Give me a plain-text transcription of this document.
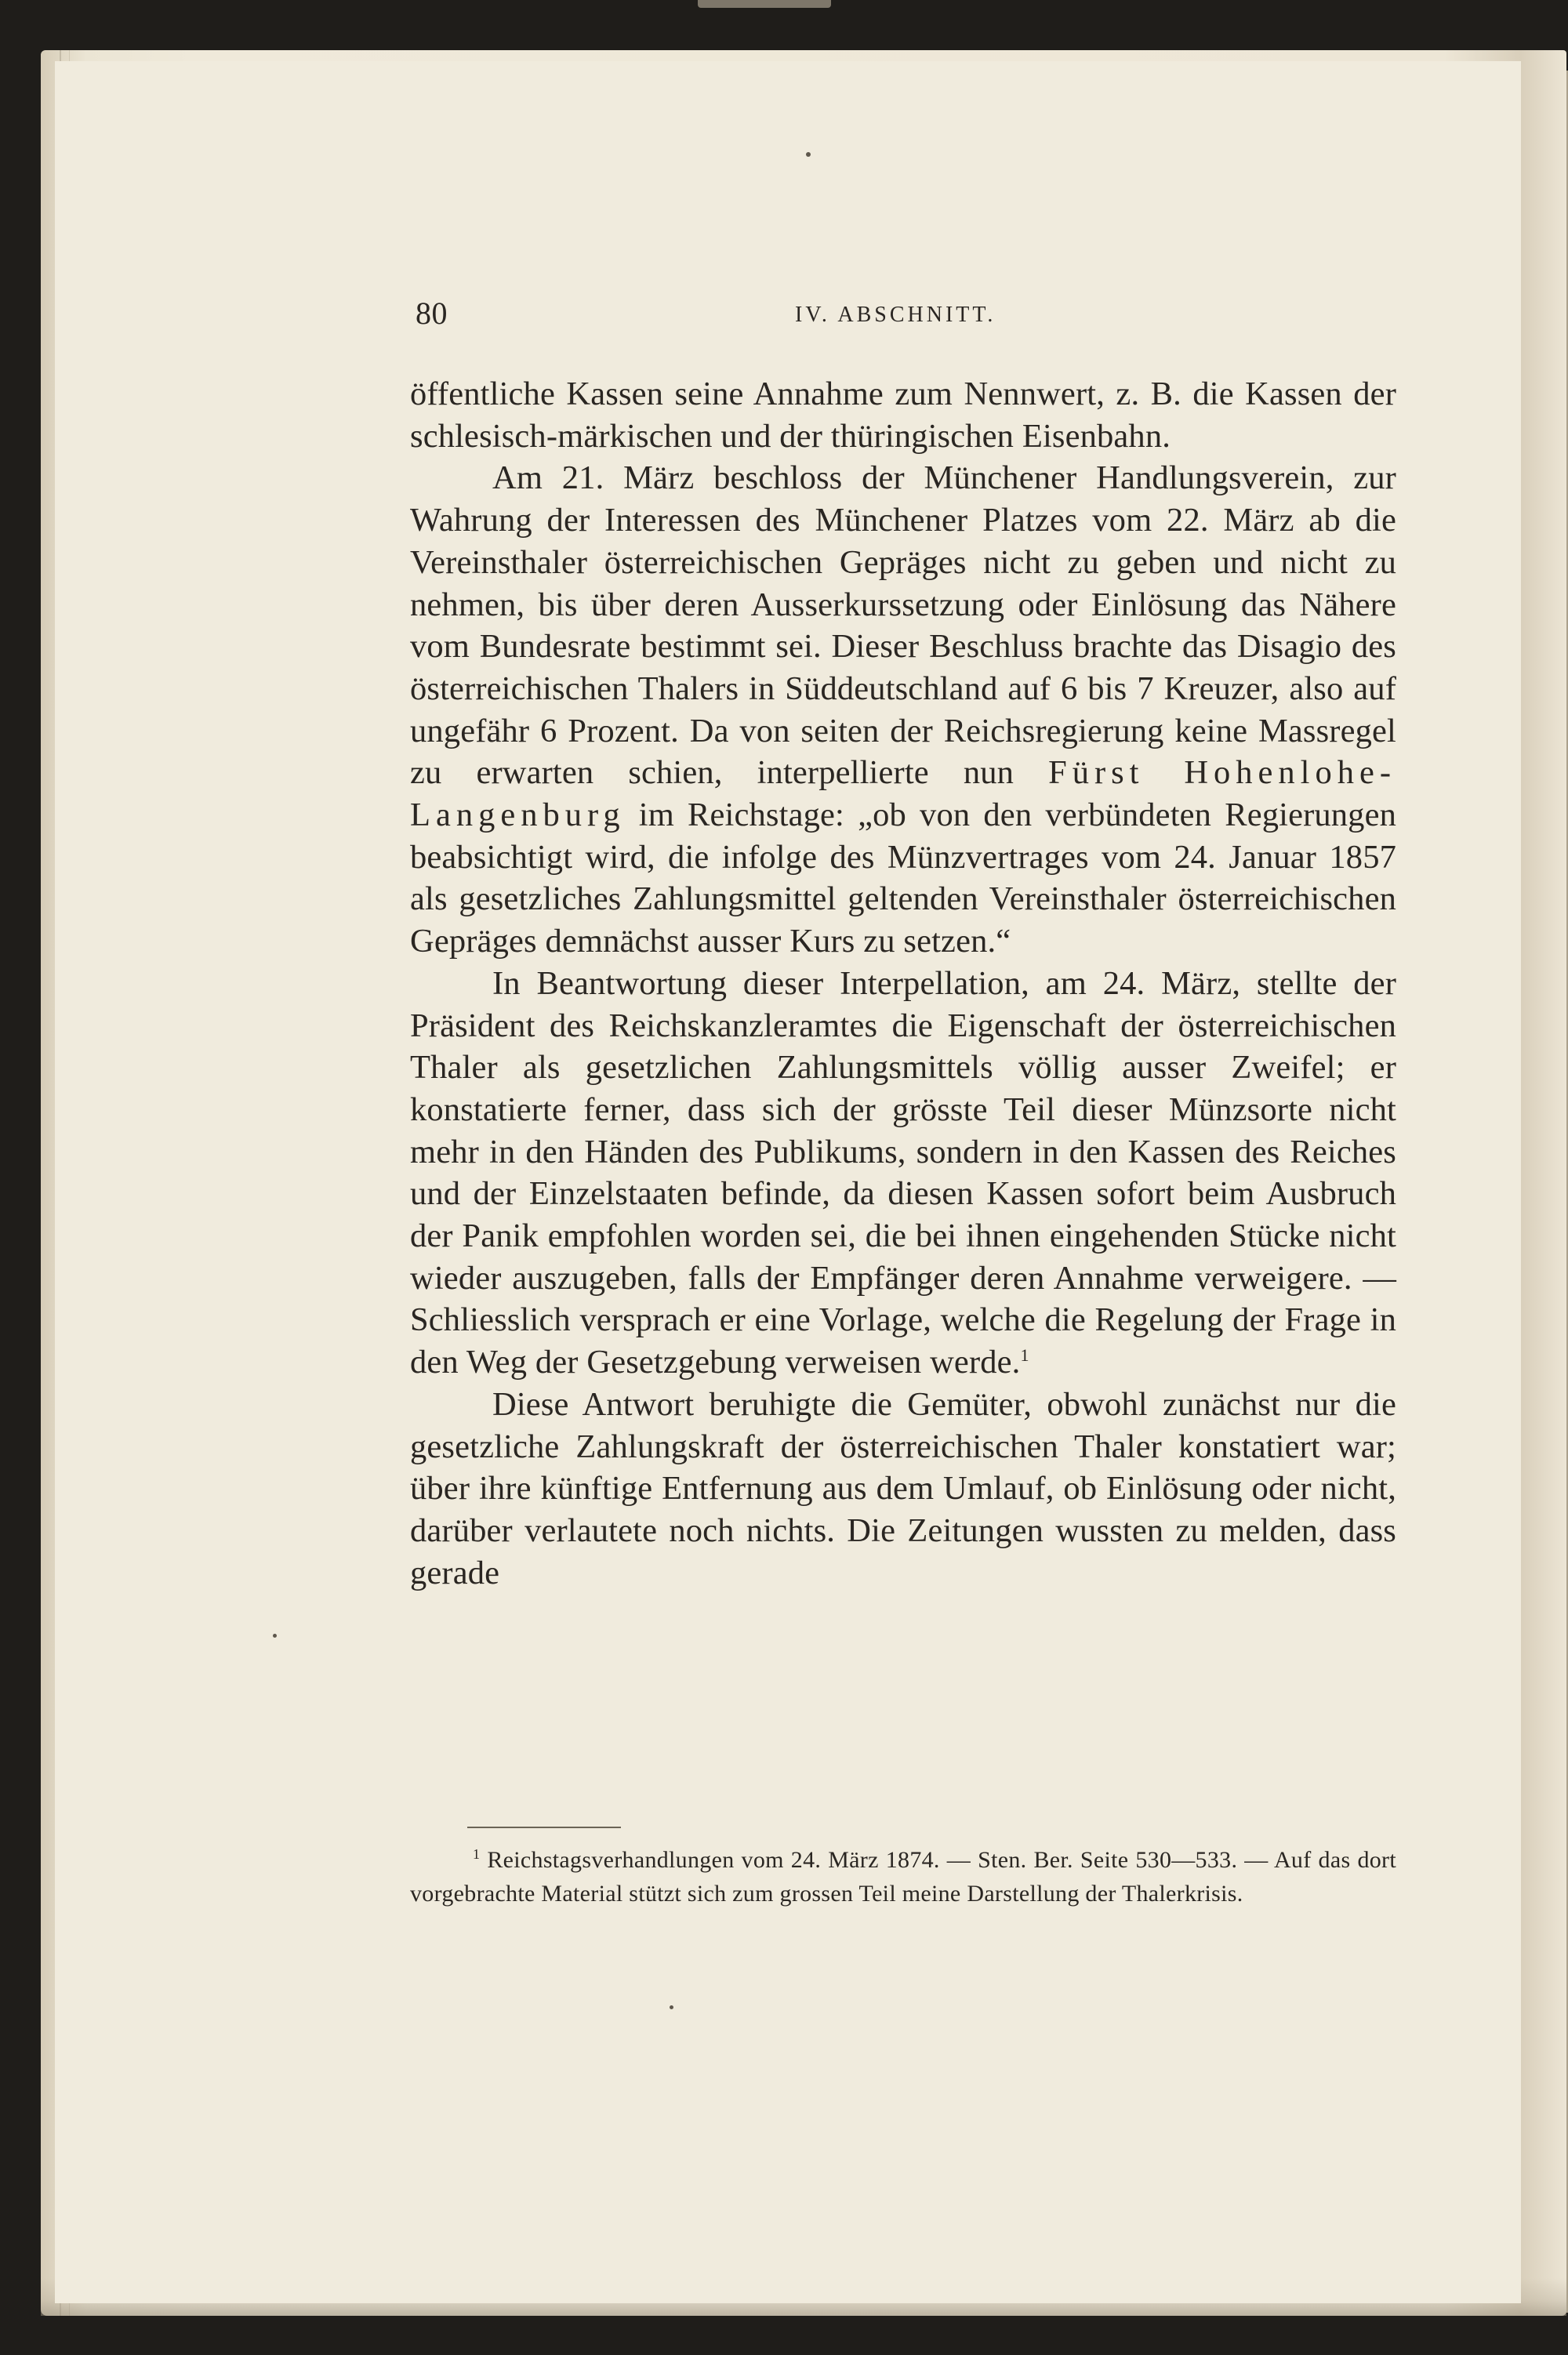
80	IV. ABSCHNITT.

öffentliche Kassen seine Annahme zum Nennwert, z. B. die Kassen der schlesisch-märkischen und der thüringischen Eisenbahn.

Am 21. März beschloss der Münchener Handlungsverein, zur Wahrung der Interessen des Münchener Platzes vom 22. März ab die Vereinsthaler österreichischen Gepräges nicht zu geben und nicht zu nehmen, bis über deren Ausserkurssetzung oder Einlösung das Nähere vom Bundesrate bestimmt sei. Dieser Beschluss brachte das Disagio des österreichischen Thalers in Süddeutschland auf 6 bis 7 Kreuzer, also auf ungefähr 6 Prozent. Da von seiten der Reichsregierung keine Massregel zu erwarten schien, interpellierte nun Fürst Hohenlohe-Langenburg im Reichstage: „ob von den verbündeten Regierungen beabsichtigt wird, die infolge des Münzvertrages vom 24. Januar 1857 als gesetzliches Zahlungsmittel geltenden Vereinsthaler österreichischen Gepräges demnächst ausser Kurs zu setzen.“

In Beantwortung dieser Interpellation, am 24. März, stellte der Präsident des Reichskanzleramtes die Eigenschaft der österreichischen Thaler als gesetzlichen Zahlungsmittels völlig ausser Zweifel; er konstatierte ferner, dass sich der grösste Teil dieser Münzsorte nicht mehr in den Händen des Publikums, sondern in den Kassen des Reiches und der Einzelstaaten befinde, da diesen Kassen sofort beim Ausbruch der Panik empfohlen worden sei, die bei ihnen eingehenden Stücke nicht wieder auszugeben, falls der Empfänger deren Annahme verweigere. — Schliesslich versprach er eine Vorlage, welche die Regelung der Frage in den Weg der Gesetzgebung verweisen werde.$^1$

Diese Antwort beruhigte die Gemüter, obwohl zunächst nur die gesetzliche Zahlungskraft der österreichischen Thaler konstatiert war; über ihre künftige Entfernung aus dem Umlauf, ob Einlösung oder nicht, darüber verlautete noch nichts. Die Zeitungen wussten zu melden, dass gerade

$^1$ Reichstagsverhandlungen vom 24. März 1874. — Sten. Ber. Seite 530—533. — Auf das dort vorgebrachte Material stützt sich zum grossen Teil meine Darstellung der Thalerkrisis.
